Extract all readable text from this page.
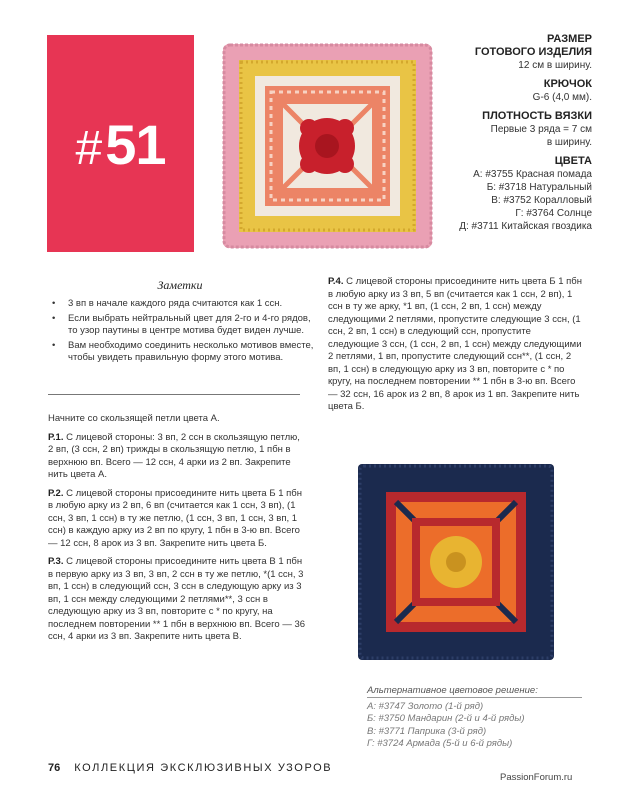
#51
РАЗМЕР
ГОТОВОГО ИЗДЕЛИЯ

12 см в ширину.

КРЮЧОК

G-6 (4,0 мм).

ПЛОТНОСТЬ ВЯЗКИ

Первые 3 ряда = 7 см
в ширину.

ЦВЕТА

А: #3755 Красная помада
Б: #3718 Натуральный
В: #3752 Коралловый
Г: #3764 Солнце
Д: #3711 Китайская гвоздика

Заметки
• 3 вп в начале каждого ряда считаются как 1 ссн.
• Если выбрать нейтральный цвет для 2-го и 4-го рядов, то узор паутины в центре мотива будет виден лучше.
• Вам необходимо соединить несколько мотивов вместе, чтобы увидеть правильную форму этого мотива.

Начните со скользящей петли цвета А.

Р.1. С лицевой стороны: 3 вп, 2 ссн в скользящую петлю, 2 вп, (3 ссн, 2 вп) трижды в скользящую петлю, 1 пбн в верхнюю вп. Всего — 12 ссн, 4 арки из 2 вп. Закрепите нить цвета А.

Р.2. С лицевой стороны присоедините нить цвета Б 1 пбн в любую арку из 2 вп, 6 вп (считается как 1 ссн, 3 вп), (1 ссн, 3 вп, 1 ссн) в ту же петлю, (1 ссн, 3 вп, 1 ссн, 3 вп, 1 ссн) в каждую арку из 2 вп по кругу, 1 пбн в 3-ю вп. Всего — 12 ссн, 8 арок из 3 вп. Закрепите нить цвета Б.

Р.3. С лицевой стороны присоедините нить цвета В 1 пбн в первую арку из 3 вп, 3 вп, 2 ссн в ту же петлю, *(1 ссн, 3 вп, 1 ссн) в следующий ссн, 3 ссн в следующую арку из 3 вп, 1 ссн между следующими 2 петлями**, 3 ссн в следующую арку из 3 вп, повторите с * по кругу, на последнем повторении ** 1 пбн в верхнюю вп. Всего — 36 ссн, 4 арки из 3 вп. Закрепите нить цвета В.

Р.4. С лицевой стороны присоедините нить цвета Б 1 пбн в любую арку из 3 вп, 5 вп (считается как 1 ссн, 2 вп), 1 ссн в ту же арку, *1 вп, (1 ссн, 2 вп, 1 ссн) между следующими 2 петлями, пропустите следующие 3 ссн, (1 ссн, 2 вп, 1 ссн) в следующий ссн, пропустите следующие 3 ссн, (1 ссн, 2 вп, 1 ссн) между следующими 2 петлями, 1 вп, пропустите следующий ссн**, (1 ссн, 2 вп, 1 ссн) в следующую арку из 3 вп, повторите с * по кругу, на последнем повторении ** 1 пбн в 3-ю вп. Всего — 32 ссн, 16 арок из 2 вп, 8 арок из 1 вп. Закрепите нить цвета Б.

Альтернативное цветовое решение:
А: #3747 Золото (1-й ряд)
Б: #3750 Мандарин (2-й и 4-й ряды)
В: #3771 Паприка (3-й ряд)
Г: #3724 Армада (5-й и 6-й ряды)
76 КОЛЛЕКЦИЯ ЭКСКЛЮЗИВНЫХ УЗОРОВ
PassionForum.ru
